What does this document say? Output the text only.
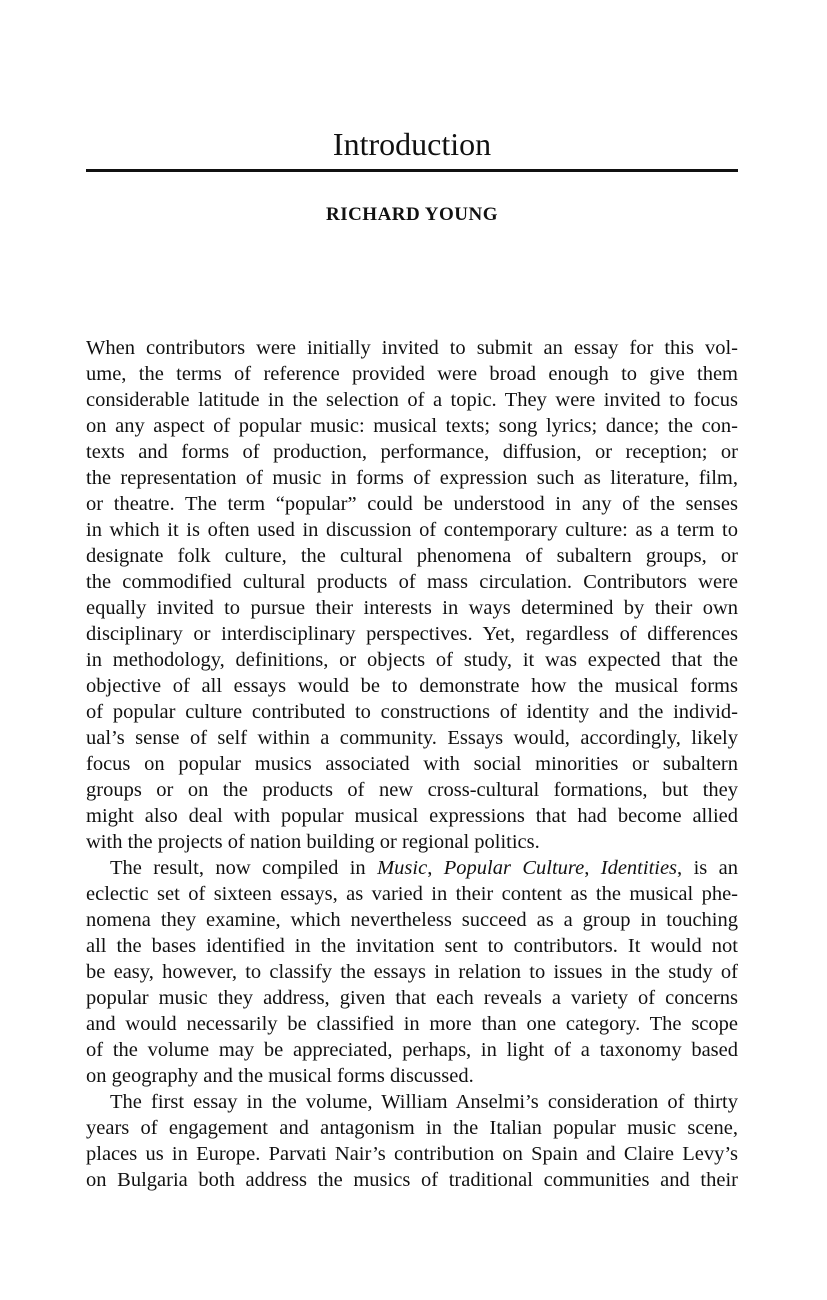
Introduction
RICHARD YOUNG
When contributors were initially invited to submit an essay for this vol-
ume, the terms of reference provided were broad enough to give them
considerable latitude in the selection of a topic. They were invited to focus
on any aspect of popular music: musical texts; song lyrics; dance; the con-
texts and forms of production, performance, diffusion, or reception; or
the representation of music in forms of expression such as literature, film,
or theatre. The term “popular” could be understood in any of the senses
in which it is often used in discussion of contemporary culture: as a term to
designate folk culture, the cultural phenomena of subaltern groups, or
the commodified cultural products of mass circulation. Contributors were
equally invited to pursue their interests in ways determined by their own
disciplinary or interdisciplinary perspectives. Yet, regardless of differences
in methodology, definitions, or objects of study, it was expected that the
objective of all essays would be to demonstrate how the musical forms
of popular culture contributed to constructions of identity and the individ-
ual’s sense of self within a community. Essays would, accordingly, likely
focus on popular musics associated with social minorities or subaltern
groups or on the products of new cross-cultural formations, but they
might also deal with popular musical expressions that had become allied
with the projects of nation building or regional politics.
The result, now compiled in Music, Popular Culture, Identities, is an
eclectic set of sixteen essays, as varied in their content as the musical phe-
nomena they examine, which nevertheless succeed as a group in touching
all the bases identified in the invitation sent to contributors. It would not
be easy, however, to classify the essays in relation to issues in the study of
popular music they address, given that each reveals a variety of concerns
and would necessarily be classified in more than one category. The scope
of the volume may be appreciated, perhaps, in light of a taxonomy based
on geography and the musical forms discussed.
The first essay in the volume, William Anselmi’s consideration of thirty
years of engagement and antagonism in the Italian popular music scene,
places us in Europe. Parvati Nair’s contribution on Spain and Claire Levy’s
on Bulgaria both address the musics of traditional communities and their
